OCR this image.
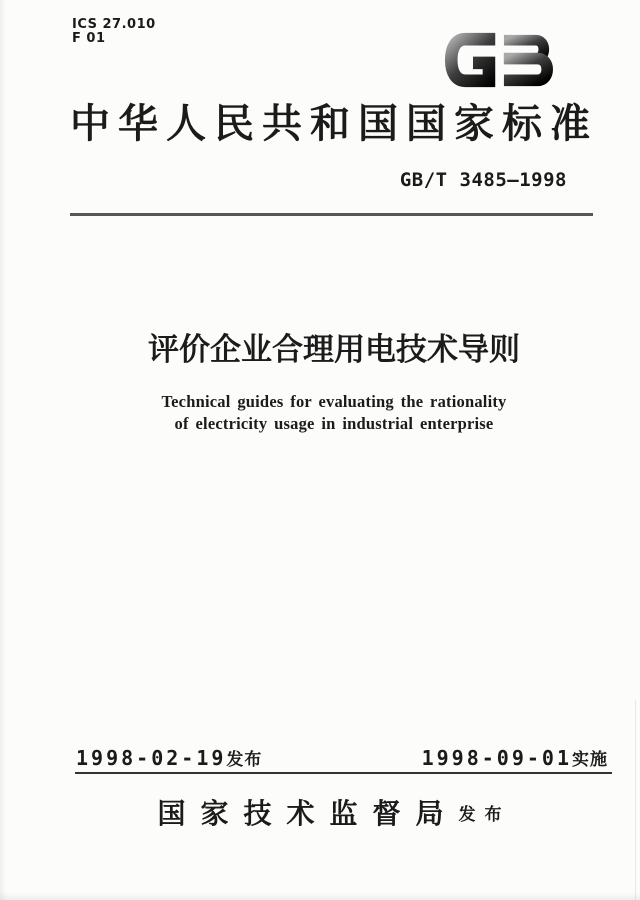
ICS 27.010
F 01
中华人民共和国国家标准
GB/T 3485—1998
评价企业合理用电技术导则
Technical guides for evaluating the rationality
of electricity usage in industrial enterprise
1998-02-19发布	1998-09-01实施
国家技术监督局发布
